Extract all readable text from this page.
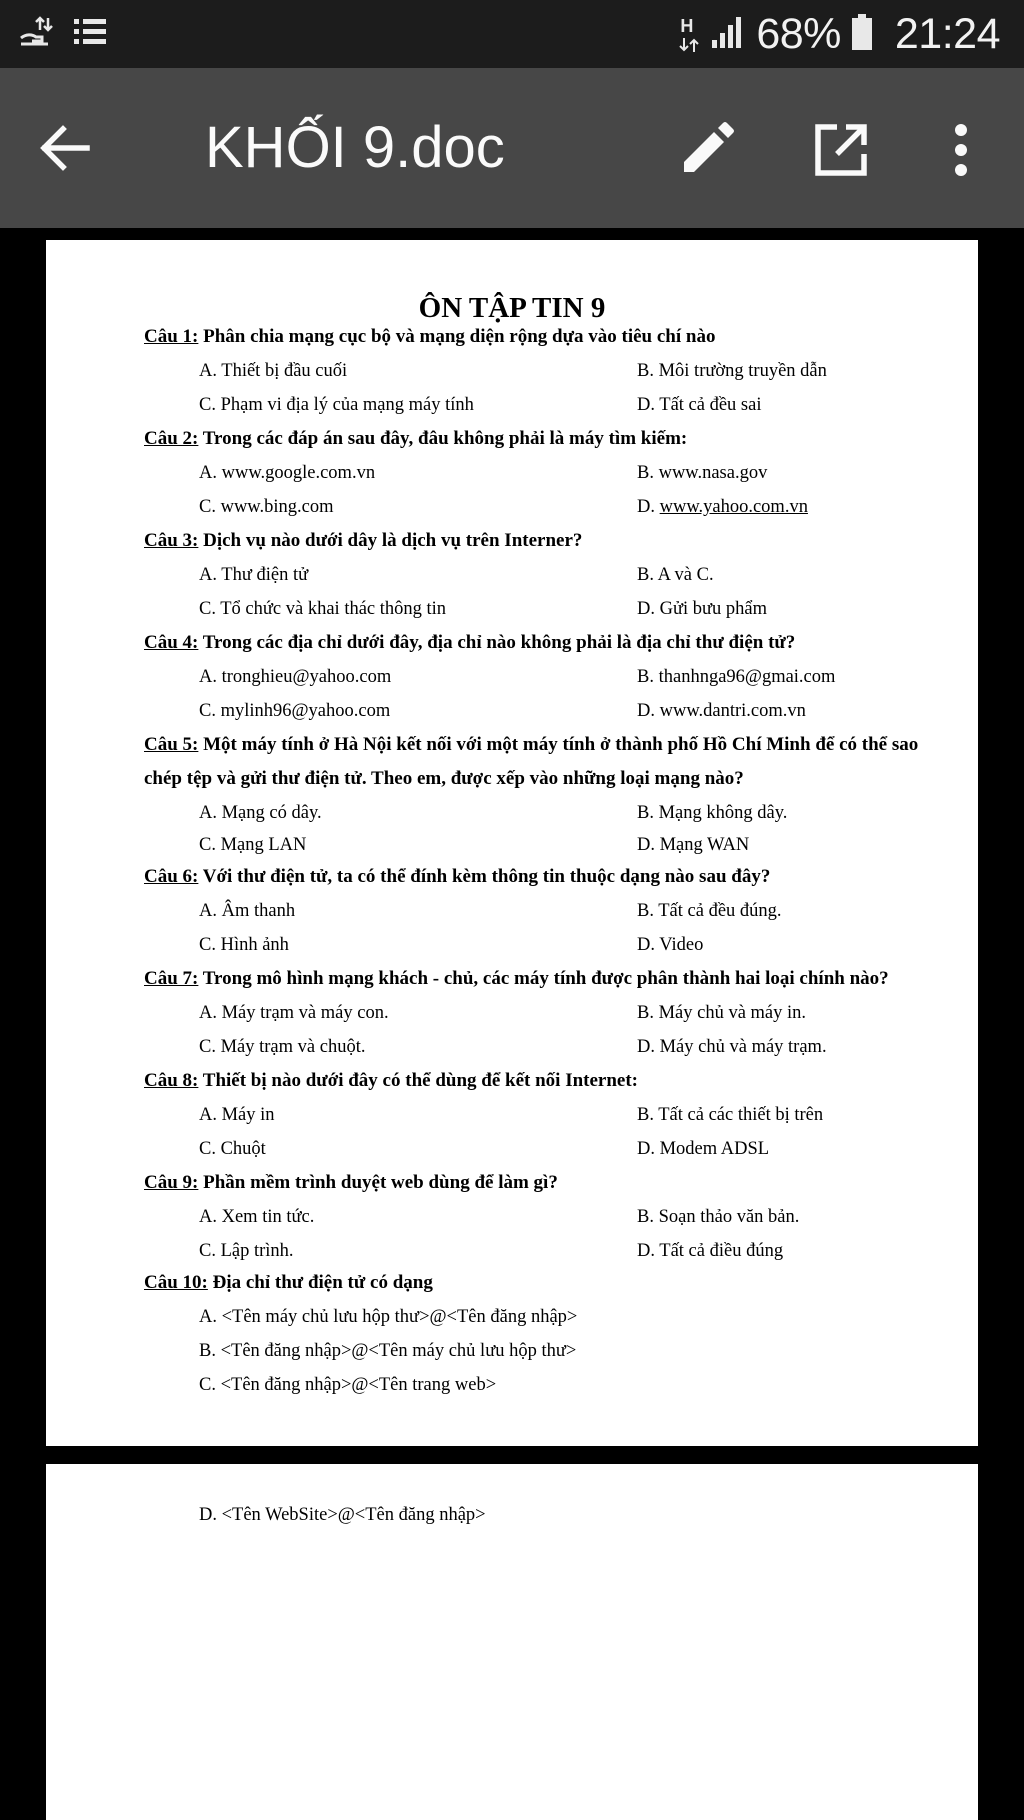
H 68% 21:24
KHỐI 9.doc
ÔN TẬP TIN 9
Câu 1: Phân chia mạng cục bộ và mạng diện rộng dựa vào tiêu chí nào
A. Thiết bị đầu cuối	B. Môi trường truyền dẫn
C. Phạm vi địa lý của mạng máy tính	D. Tất cả đều sai
Câu 2: Trong các đáp án sau đây, đâu không phải là máy tìm kiếm:
A. www.google.com.vn	B. www.nasa.gov
C. www.bing.com	D. www.yahoo.com.vn
Câu 3: Dịch vụ nào dưới dây là dịch vụ trên Interner?
A. Thư điện tử	B. A và C.
C. Tổ chức và khai thác thông tin	D. Gửi bưu phẩm
Câu 4: Trong các địa chỉ dưới đây, địa chỉ nào không phải là địa chỉ thư điện tử?
A. tronghieu@yahoo.com	B. thanhnga96@gmai.com
C. mylinh96@yahoo.com	D. www.dantri.com.vn
Câu 5: Một máy tính ở Hà Nội kết nối với một máy tính ở thành phố Hồ Chí Minh để có thể sao chép tệp và gửi thư điện tử. Theo em, được xếp vào những loại mạng nào?
A. Mạng có dây.	B. Mạng không dây.
C. Mạng LAN	D. Mạng WAN
Câu 6: Với thư điện tử, ta có thể đính kèm thông tin thuộc dạng nào sau đây?
A. Âm thanh	B. Tất cả đều đúng.
C. Hình ảnh	D. Video
Câu 7: Trong mô hình mạng khách - chủ, các máy tính được phân thành hai loại chính nào?
A. Máy trạm và máy con.	B. Máy chủ và máy in.
C. Máy trạm và chuột.	D. Máy chủ và máy trạm.
Câu 8: Thiết bị nào dưới đây có thể dùng để kết nối Internet:
A. Máy in	B. Tất cả các thiết bị trên
C. Chuột	D. Modem ADSL
Câu 9: Phần mềm trình duyệt web dùng để làm gì?
A. Xem tin tức.	B. Soạn thảo văn bản.
C. Lập trình.	D. Tất cả điều đúng
Câu 10: Địa chỉ thư điện tử có dạng
A. <Tên máy chủ lưu hộp thư>@<Tên đăng nhập>
B. <Tên đăng nhập>@<Tên máy chủ lưu hộp thư>
C. <Tên đăng nhập>@<Tên trang web>
D. <Tên WebSite>@<Tên đăng nhập>
